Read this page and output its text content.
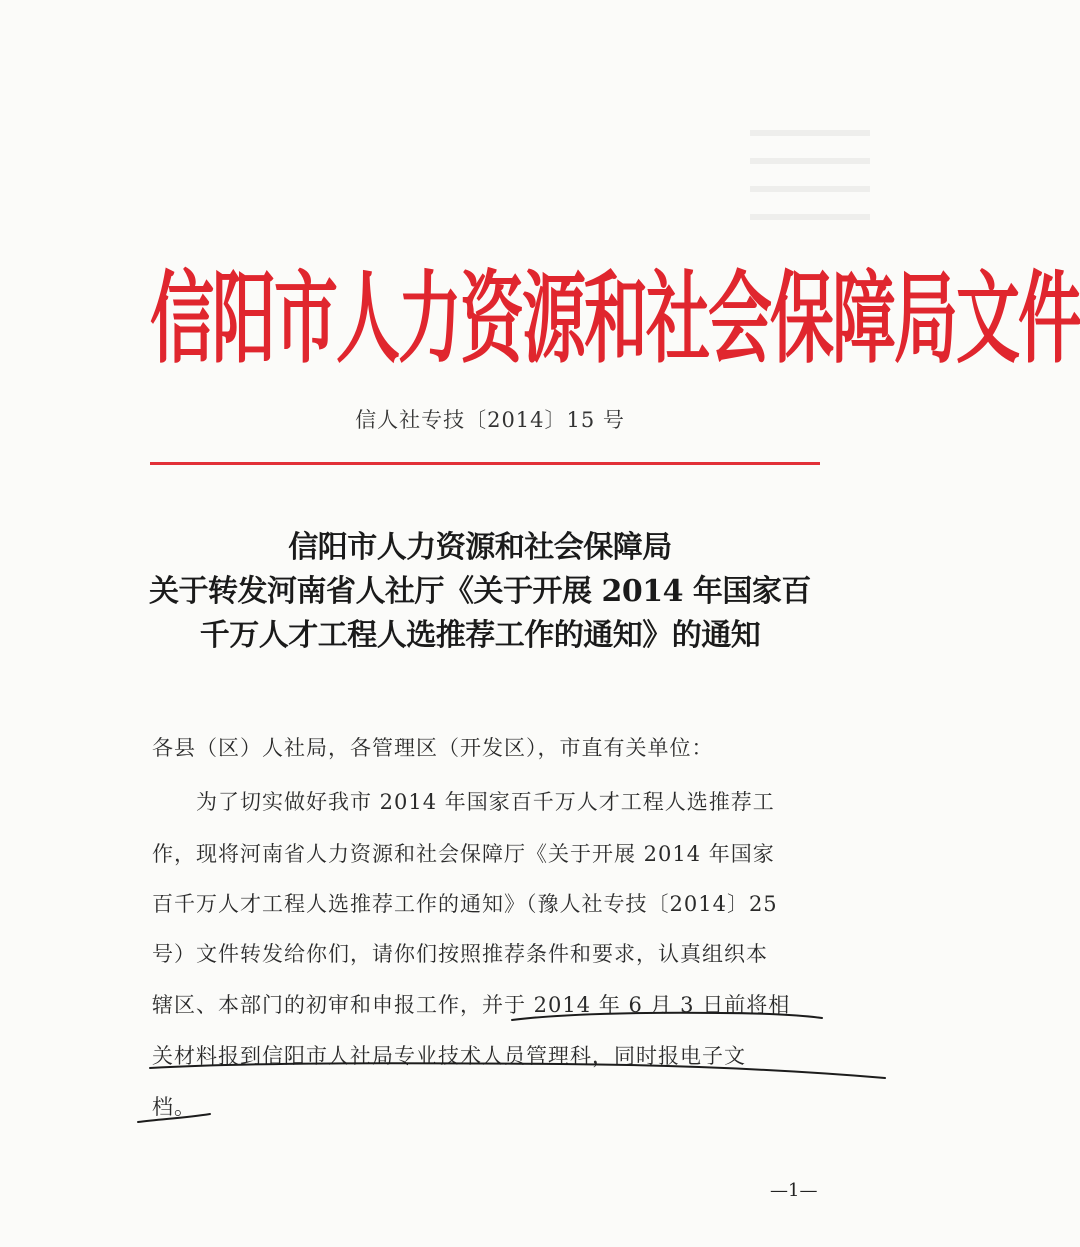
信阳市人力资源和社会保障局文件
信人社专技〔2014〕15 号
信阳市人力资源和社会保障局
关于转发河南省人社厅《关于开展 2014 年国家百
千万人才工程人选推荐工作的通知》的通知
各县（区）人社局，各管理区（开发区），市直有关单位：
　　为了切实做好我市 2014 年国家百千万人才工程人选推荐工
作，现将河南省人力资源和社会保障厅《关于开展 2014 年国家
百千万人才工程人选推荐工作的通知》（豫人社专技〔2014〕25
号）文件转发给你们，请你们按照推荐条件和要求，认真组织本
辖区、本部门的初审和申报工作，并于 2014 年 6 月 3 日前将相
关材料报到信阳市人社局专业技术人员管理科，同时报电子文
档。
—1—
